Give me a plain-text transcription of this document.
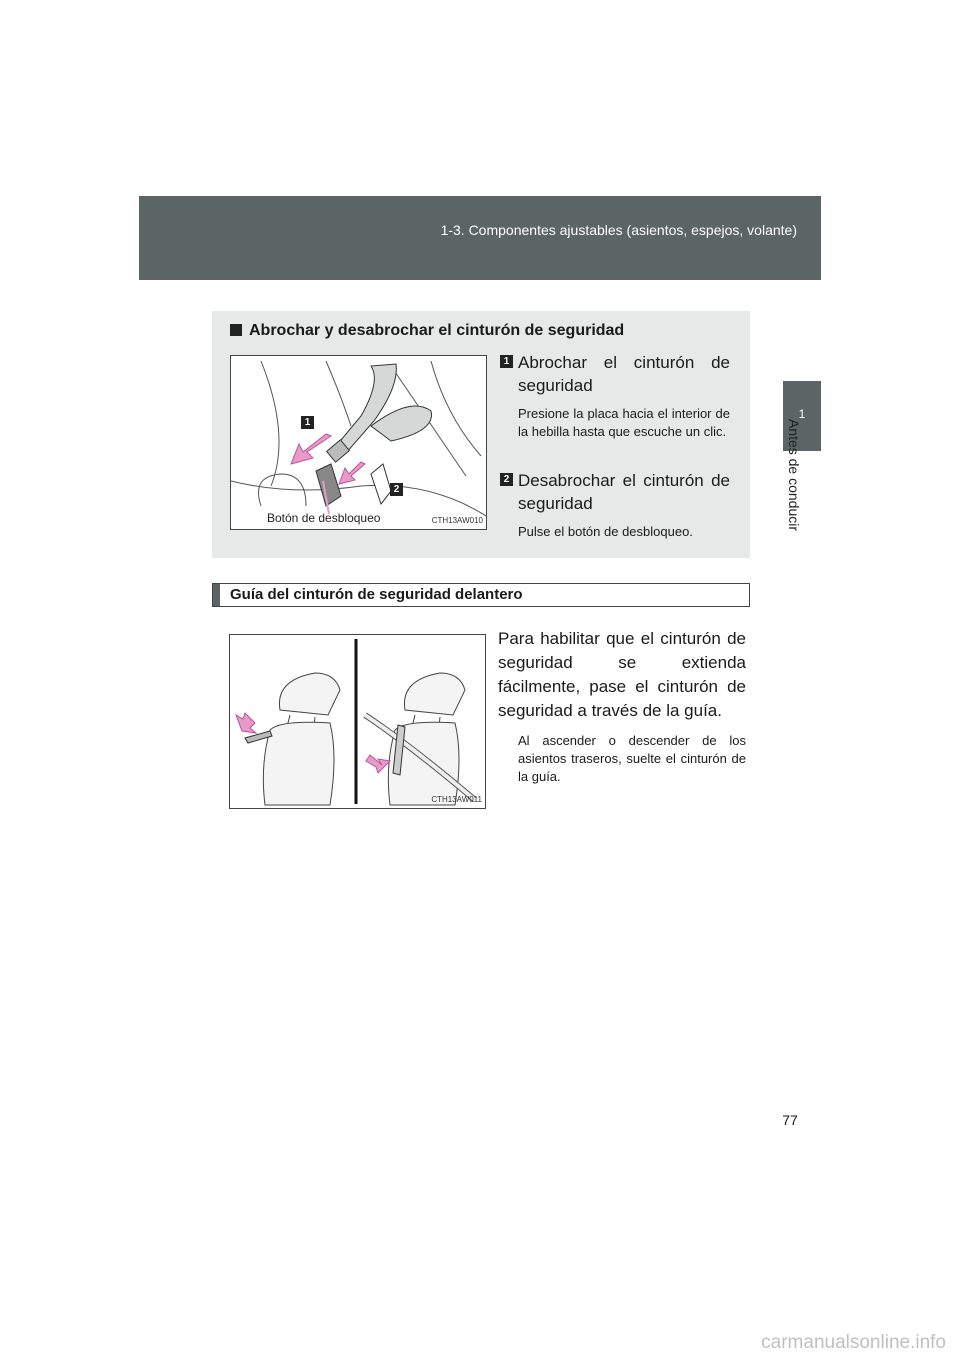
1-3. Componentes ajustables (asientos, espejos, volante)
1
Antes de conducir
Abrochar y desabrochar el cinturón de seguridad
1
2
Botón de desbloqueo	CTH13AW010
1 Abrochar el cinturón de seguridad
Presione la placa hacia el interior de la hebilla hasta que escuche un clic.
2 Desabrochar el cinturón de seguridad
Pulse el botón de desbloqueo.
Guía del cinturón de seguridad delantero
CTH13AW011
Para habilitar que el cinturón de seguridad se extienda fácilmente, pase el cinturón de seguridad a través de la guía.
Al ascender o descender de los asientos traseros, suelte el cinturón de la guía.
77
carmanualsonline.info
